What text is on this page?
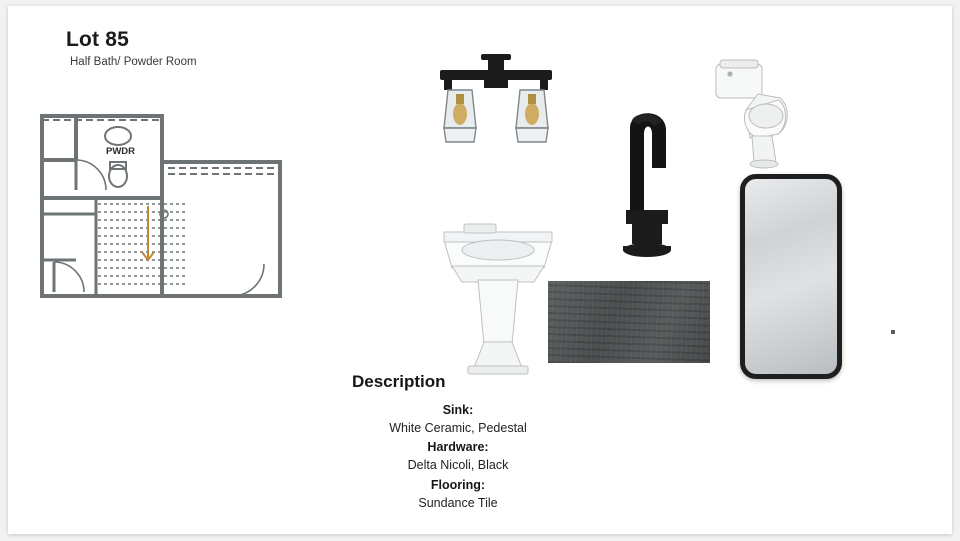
Lot 85
Half Bath/ Powder Room
PWDR
Description
Sink:
White Ceramic, Pedestal
Hardware:
Delta Nicoli, Black
Flooring:
Sundance Tile
